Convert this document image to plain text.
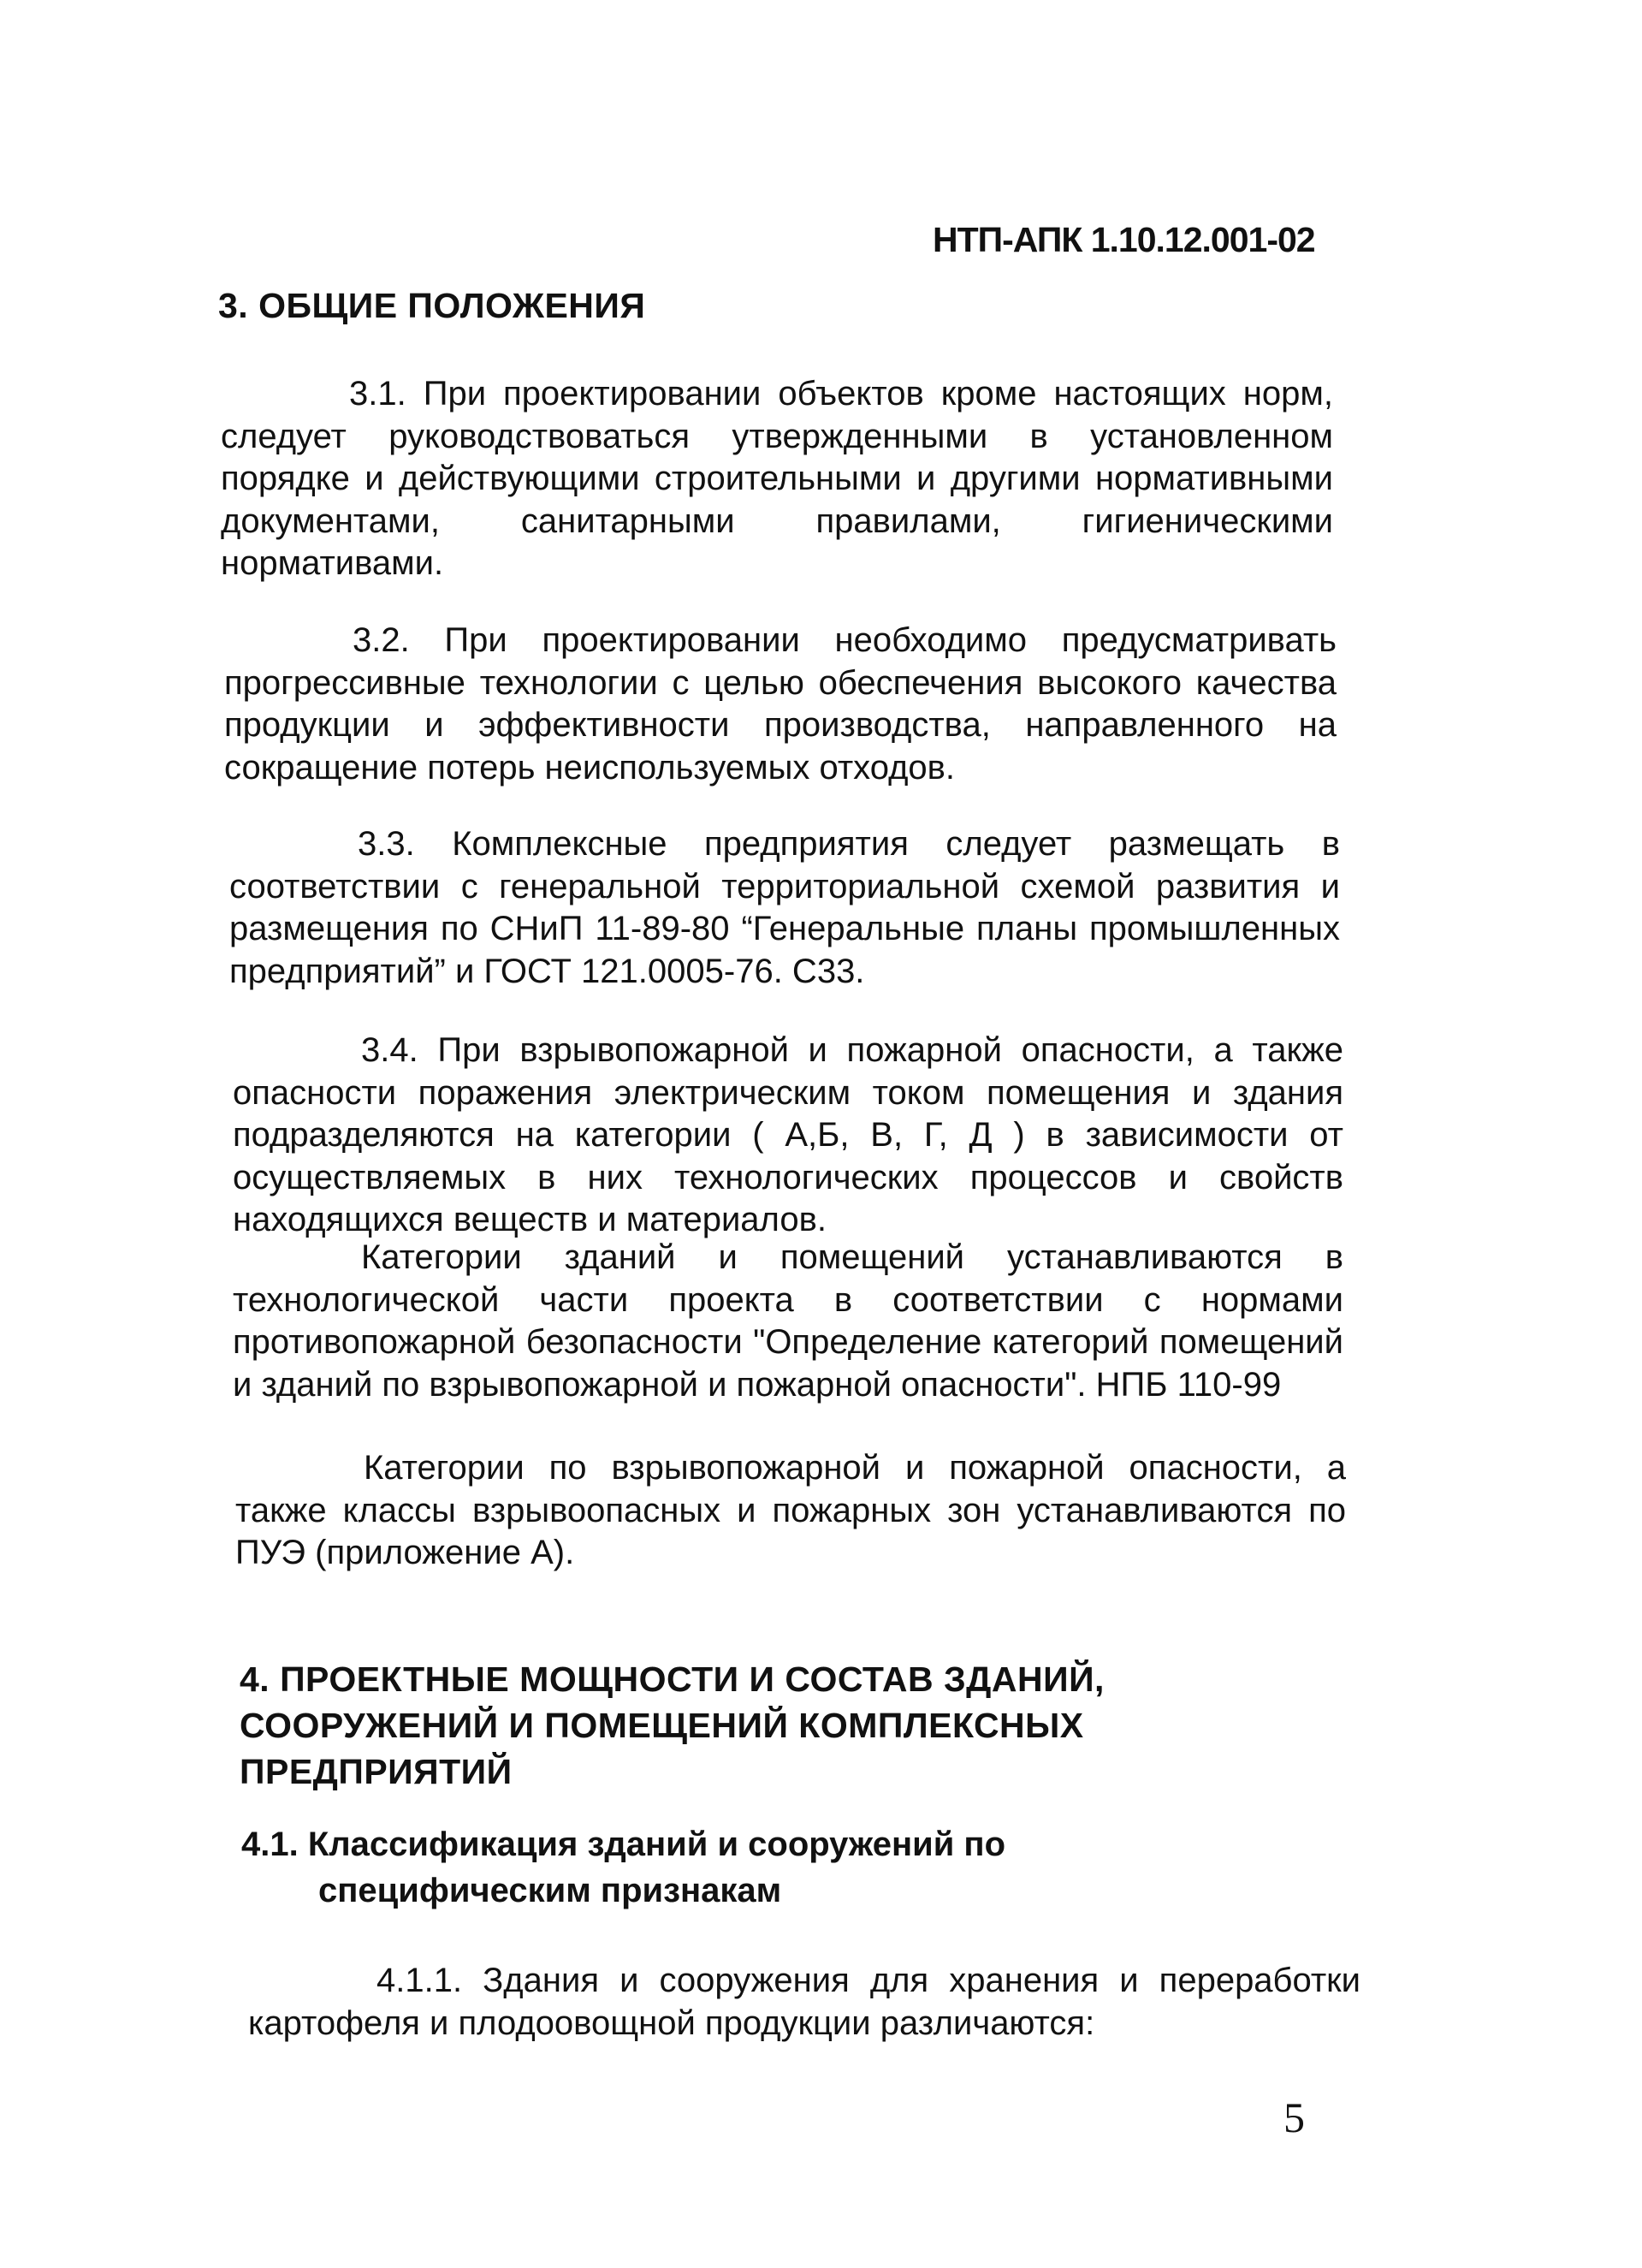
НТП-АПК 1.10.12.001-02
3. ОБЩИЕ ПОЛОЖЕНИЯ
3.1. При проектировании объектов кроме настоящих норм, следует руководствоваться утвержденными в установленном порядке и действующими строительными и другими нормативными документами, санитарными правилами, гигиеническими нормативами.
3.2. При проектировании необходимо предусматривать прогрессивные технологии с целью обеспечения высокого качества продукции и эффективности производства, направленного на сокращение потерь неиспользуемых отходов.
3.3. Комплексные предприятия следует размещать в соответствии с генеральной территориальной схемой развития и размещения по СНиП 11-89-80 “Генеральные планы промышленных предприятий” и ГОСТ 121.0005-76. С33.
3.4. При взрывопожарной и пожарной опасности, а также опасности поражения электрическим током помещения и здания подразделяются на категории ( А,Б, В, Г, Д ) в зависимости от осуществляемых в них технологических процессов и свойств находящихся веществ и материалов.
Категории зданий и помещений устанавливаются в технологической части проекта в соответствии с нормами противопожарной безопасности "Определение категорий помещений и зданий по взрывопожарной и пожарной опасности". НПБ 110-99
Категории по взрывопожарной и пожарной опасности, а также классы взрывоопасных и пожарных зон устанавливаются по ПУЭ (приложение А).
4. ПРОЕКТНЫЕ МОЩНОСТИ И СОСТАВ ЗДАНИЙ,
СООРУЖЕНИЙ И ПОМЕЩЕНИЙ КОМПЛЕКСНЫХ
ПРЕДПРИЯТИЙ
4.1. Классификация зданий и сооружений по
специфическим признакам
4.1.1. Здания и сооружения для хранения и переработки картофеля и плодоовощной продукции различаются:
5
